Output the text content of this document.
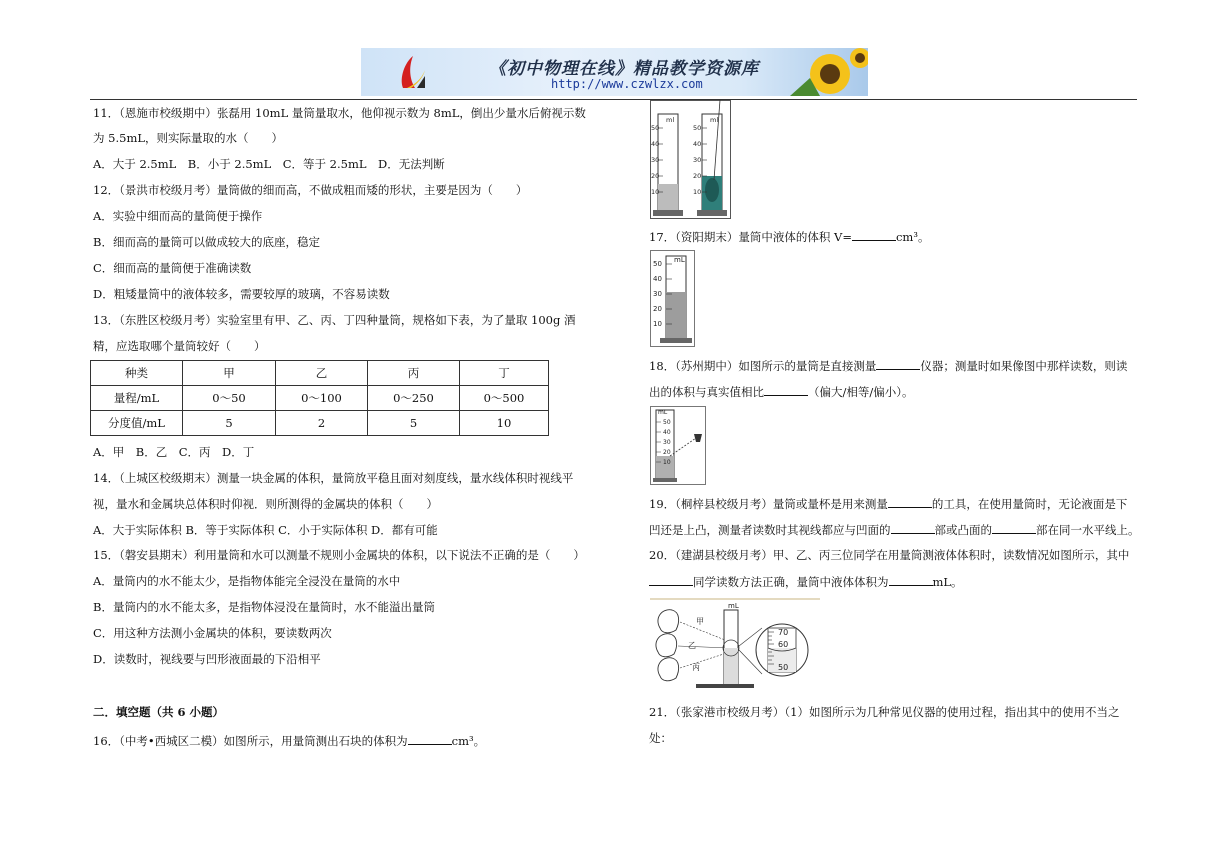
《初中物理在线》精品教学资源库
http://www.czwlzx.com
11．（恩施市校级期中）张磊用 10mL 量筒量取水，他仰视示数为 8mL，倒出少量水后俯视示数
为 5.5mL，则实际量取的水（　　）
A．大于 2.5mL　B．小于 2.5mL　C．等于 2.5mL　D．无法判断
12．（景洪市校级月考）量筒做的细而高，不做成粗而矮的形状，主要是因为（　　）
A．实验中细而高的量筒便于操作
B．细而高的量筒可以做成较大的底座，稳定
C．细而高的量筒便于准确读数
D．粗矮量筒中的液体较多，需要较厚的玻璃，不容易读数
13．（东胜区校级月考）实验室里有甲、乙、丙、丁四种量筒，规格如下表，为了量取 100g 酒
精，应选取哪个量筒较好（　　）
种类	甲	乙	丙	丁
量程/mL	0～50	0～100	0～250	0～500
分度值/mL	5	2	5	10
A．甲　B．乙　C．丙　D．丁
14．（上城区校级期末）测量一块金属的体积，量筒放平稳且面对刻度线，量水线体积时视线平
视，量水和金属块总体积时仰视．则所测得的金属块的体积（　　）
A．大于实际体积 B．等于实际体积 C．小于实际体积 D．都有可能
15．（磐安县期末）利用量筒和水可以测量不规则小金属块的体积，以下说法不正确的是（　　）
A．量筒内的水不能太少，是指物体能完全浸没在量筒的水中
B．量筒内的水不能太多，是指物体浸没在量筒时，水不能溢出量筒
C．用这种方法测小金属块的体积，要读数两次
D．读数时，视线要与凹形液面最的下沿相平
二．填空题（共 6 小题）
16．（中考•西城区二模）如图所示，用量筒测出石块的体积为	cm³。
ml
50
40
30
20
10
ml
50
40
30
20
10
17．（资阳期末）量筒中液体的体积 V=	cm³。
mL
50
40
30
20
10
18．（苏州期中）如图所示的量筒是直接测量	仪器；测量时如果像图中那样读数，则读
出的体积与真实值相比	（偏大/相等/偏小）。
mL
50
40
30
20
10
19．（桐梓县校级月考）量筒或量杯是用来测量	的工具，在使用量筒时，无论液面是下
凹还是上凸，测量者读数时其视线都应与凹面的	部或凸面的	部在同一水平线上。
20．（建湖县校级月考）甲、乙、丙三位同学在用量筒测液体体积时，读数情况如图所示，其中
同学读数方法正确，量筒中液体体积为	mL。
mL
甲
乙
丙
70
60
50
21．（张家港市校级月考）（1）如图所示为几种常见仪器的使用过程，指出其中的使用不当之
处：
